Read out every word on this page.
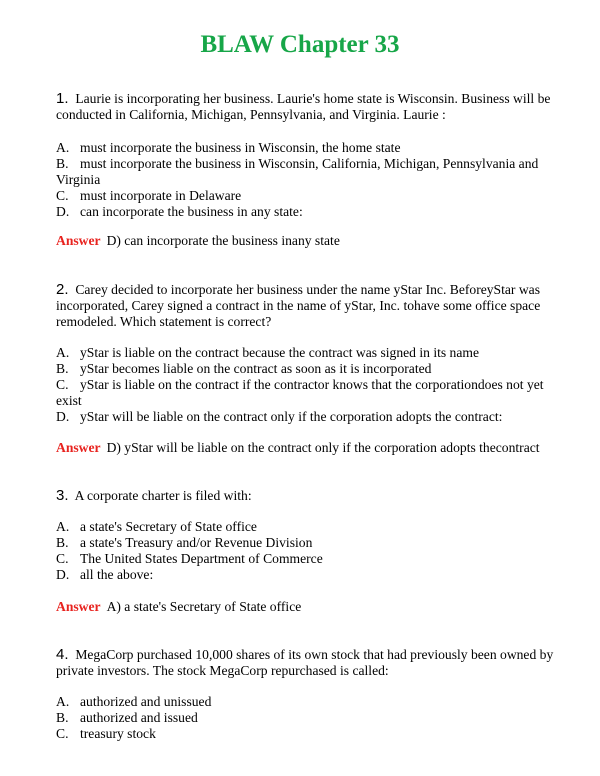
BLAW Chapter 33

1. Laurie is incorporating her business. Laurie's home state is Wisconsin. Business will be conducted in California, Michigan, Pennsylvania, and Virginia. Laurie :

A. must incorporate the business in Wisconsin, the home state

B. must incorporate the business in Wisconsin, California, Michigan, Pennsylvania and Virginia

C. must incorporate in Delaware

D. can incorporate the business in any state:

Answer D) can incorporate the business inany state

2. Carey decided to incorporate her business under the name yStar Inc. BeforeyStar was incorporated, Carey signed a contract in the name of yStar, Inc. tohave some office space remodeled. Which statement is correct?

A. yStar is liable on the contract because the contract was signed in its name

B. yStar becomes liable on the contract as soon as it is incorporated

C. yStar is liable on the contract if the contractor knows that the corporationdoes not yet exist

D. yStar will be liable on the contract only if the corporation adopts the contract:

Answer D) yStar will be liable on the contract only if the corporation adopts thecontract

3. A corporate charter is filed with:

A. a state's Secretary of State office

B. a state's Treasury and/or Revenue Division

C. The United States Department of Commerce

D. all the above:

Answer A) a state's Secretary of State office

4. MegaCorp purchased 10,000 shares of its own stock that had previously been owned by private investors. The stock MegaCorp repurchased is called:

A. authorized and unissued

B. authorized and issued

C. treasury stock
